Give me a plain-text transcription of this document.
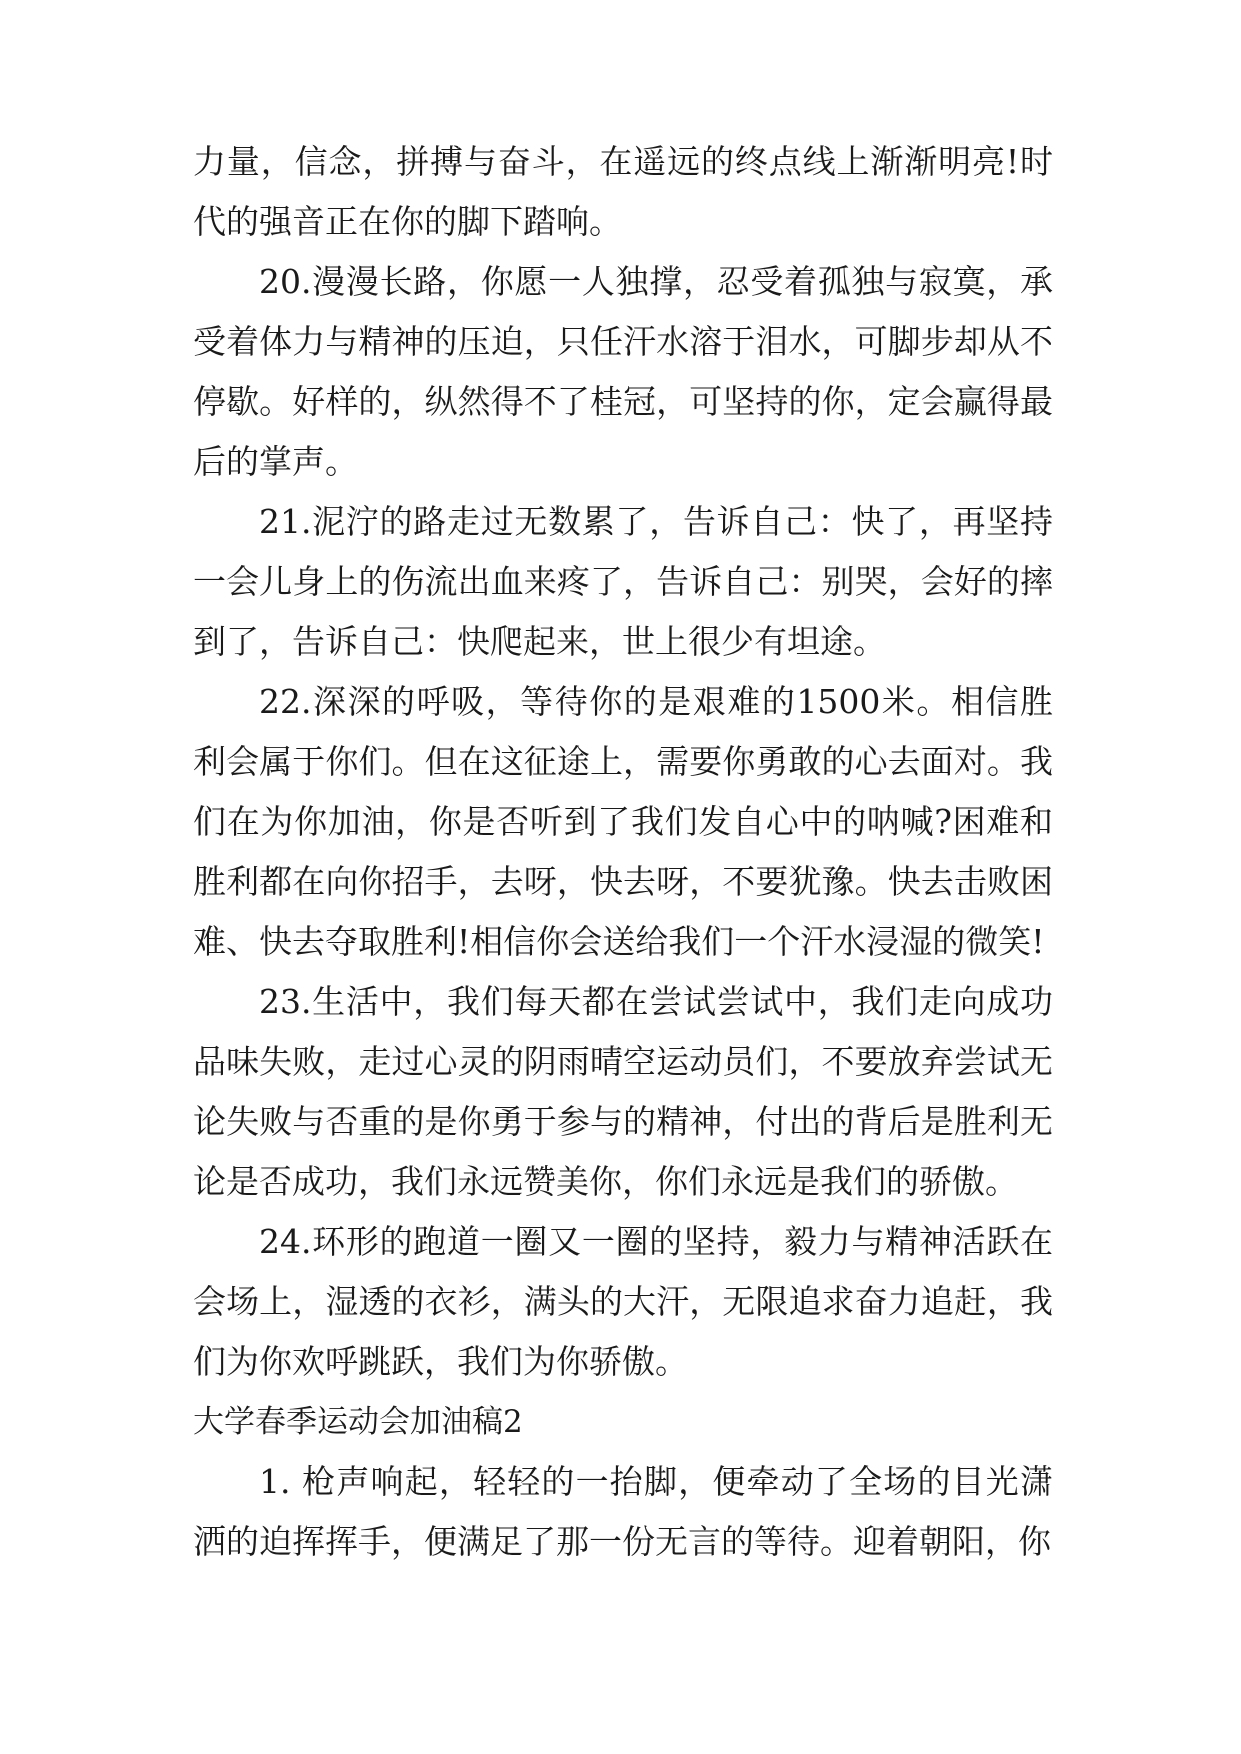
力量，信念，拼搏与奋斗，在遥远的终点线上渐渐明亮!时代的强音正在你的脚下踏响。

20.漫漫长路，你愿一人独撑，忍受着孤独与寂寞，承受着体力与精神的压迫，只任汗水溶于泪水，可脚步却从不停歇。好样的，纵然得不了桂冠，可坚持的你，定会赢得最后的掌声。

21.泥泞的路走过无数累了，告诉自己：快了，再坚持一会儿身上的伤流出血来疼了，告诉自己：别哭，会好的摔到了，告诉自己：快爬起来，世上很少有坦途。

22.深深的呼吸，等待你的是艰难的1500米。相信胜利会属于你们。但在这征途上，需要你勇敢的心去面对。我们在为你加油，你是否听到了我们发自心中的呐喊?困难和胜利都在向你招手，去呀，快去呀，不要犹豫。快去击败困难、快去夺取胜利!相信你会送给我们一个汗水浸湿的微笑!

23.生活中，我们每天都在尝试尝试中，我们走向成功品味失败，走过心灵的阴雨晴空运动员们，不要放弃尝试无论失败与否重的是你勇于参与的精神，付出的背后是胜利无论是否成功，我们永远赞美你，你们永远是我们的骄傲。

24.环形的跑道一圈又一圈的坚持，毅力与精神活跃在会场上，湿透的衣衫，满头的大汗，无限追求奋力追赶，我们为你欢呼跳跃，我们为你骄傲。

大学春季运动会加油稿2

1. 枪声响起，轻轻的一抬脚，便牵动了全场的目光潇洒的迫挥挥手，便满足了那一份无言的等待。迎着朝阳，你
